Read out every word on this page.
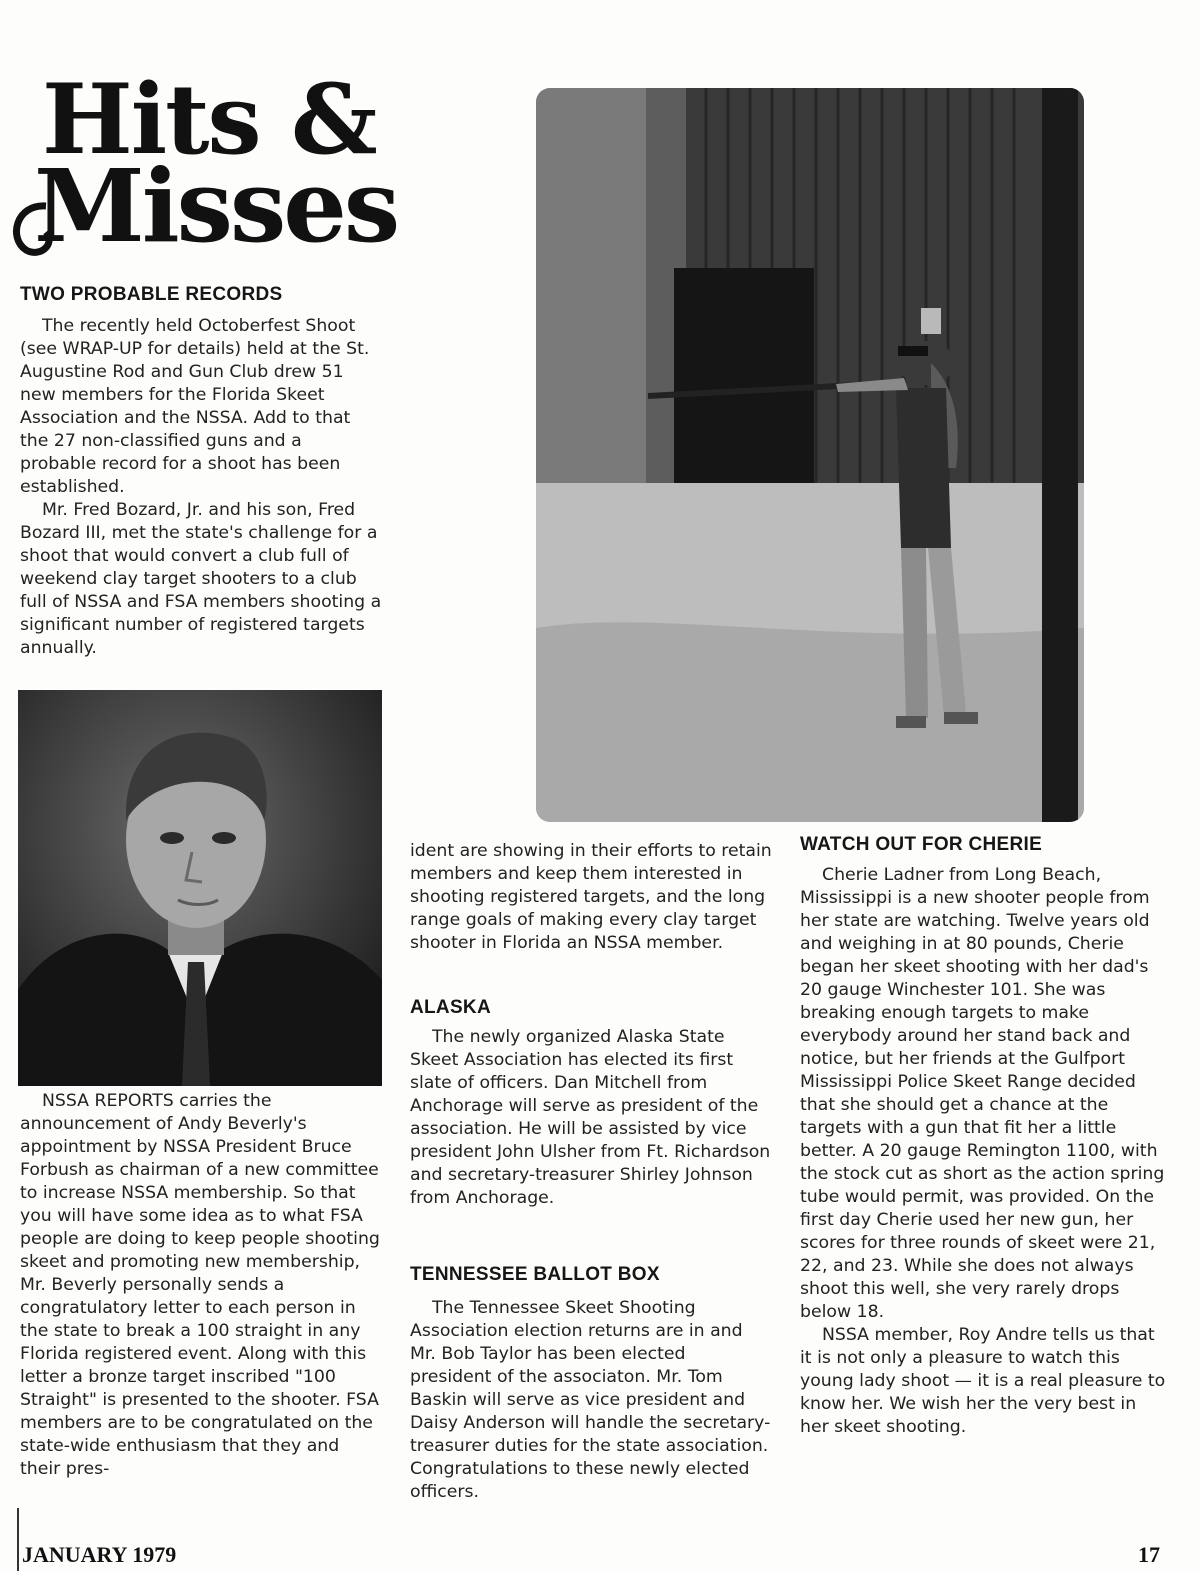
Hits &
Misses
TWO PROBABLE RECORDS

The recently held Octoberfest Shoot (see WRAP-UP for details) held at the St. Augustine Rod and Gun Club drew 51 new members for the Florida Skeet Association and the NSSA. Add to that the 27 non-classified guns and a probable record for a shoot has been established.

Mr. Fred Bozard, Jr. and his son, Fred Bozard III, met the state's challenge for a shoot that would convert a club full of weekend clay target shooters to a club full of NSSA and FSA members shooting a significant number of registered targets annually.

NSSA REPORTS carries the announcement of Andy Beverly's appointment by NSSA President Bruce Forbush as chairman of a new committee to increase NSSA membership. So that you will have some idea as to what FSA people are doing to keep people shooting skeet and promoting new membership, Mr. Beverly personally sends a congratulatory letter to each person in the state to break a 100 straight in any Florida registered event. Along with this letter a bronze target inscribed "100 Straight" is presented to the shooter. FSA members are to be congratulated on the state-wide enthusiasm that they and their pres-

ident are showing in their efforts to retain members and keep them interested in shooting registered targets, and the long range goals of making every clay target shooter in Florida an NSSA member.

ALASKA

The newly organized Alaska State Skeet Association has elected its first slate of officers. Dan Mitchell from Anchorage will serve as president of the association. He will be assisted by vice president John Ulsher from Ft. Richardson and secretary-treasurer Shirley Johnson from Anchorage.

TENNESSEE BALLOT BOX

The Tennessee Skeet Shooting Association election returns are in and Mr. Bob Taylor has been elected president of the associaton. Mr. Tom Baskin will serve as vice president and Daisy Anderson will handle the secretary-treasurer duties for the state association. Congratulations to these newly elected officers.

WATCH OUT FOR CHERIE

Cherie Ladner from Long Beach, Mississippi is a new shooter people from her state are watching. Twelve years old and weighing in at 80 pounds, Cherie began her skeet shooting with her dad's 20 gauge Winchester 101. She was breaking enough targets to make everybody around her stand back and notice, but her friends at the Gulfport Mississippi Police Skeet Range decided that she should get a chance at the targets with a gun that fit her a little better. A 20 gauge Remington 1100, with the stock cut as short as the action spring tube would permit, was provided. On the first day Cherie used her new gun, her scores for three rounds of skeet were 21, 22, and 23. While she does not always shoot this well, she very rarely drops below 18.

NSSA member, Roy Andre tells us that it is not only a pleasure to watch this young lady shoot — it is a real pleasure to know her. We wish her the very best in her skeet shooting.

JANUARY 1979	17
